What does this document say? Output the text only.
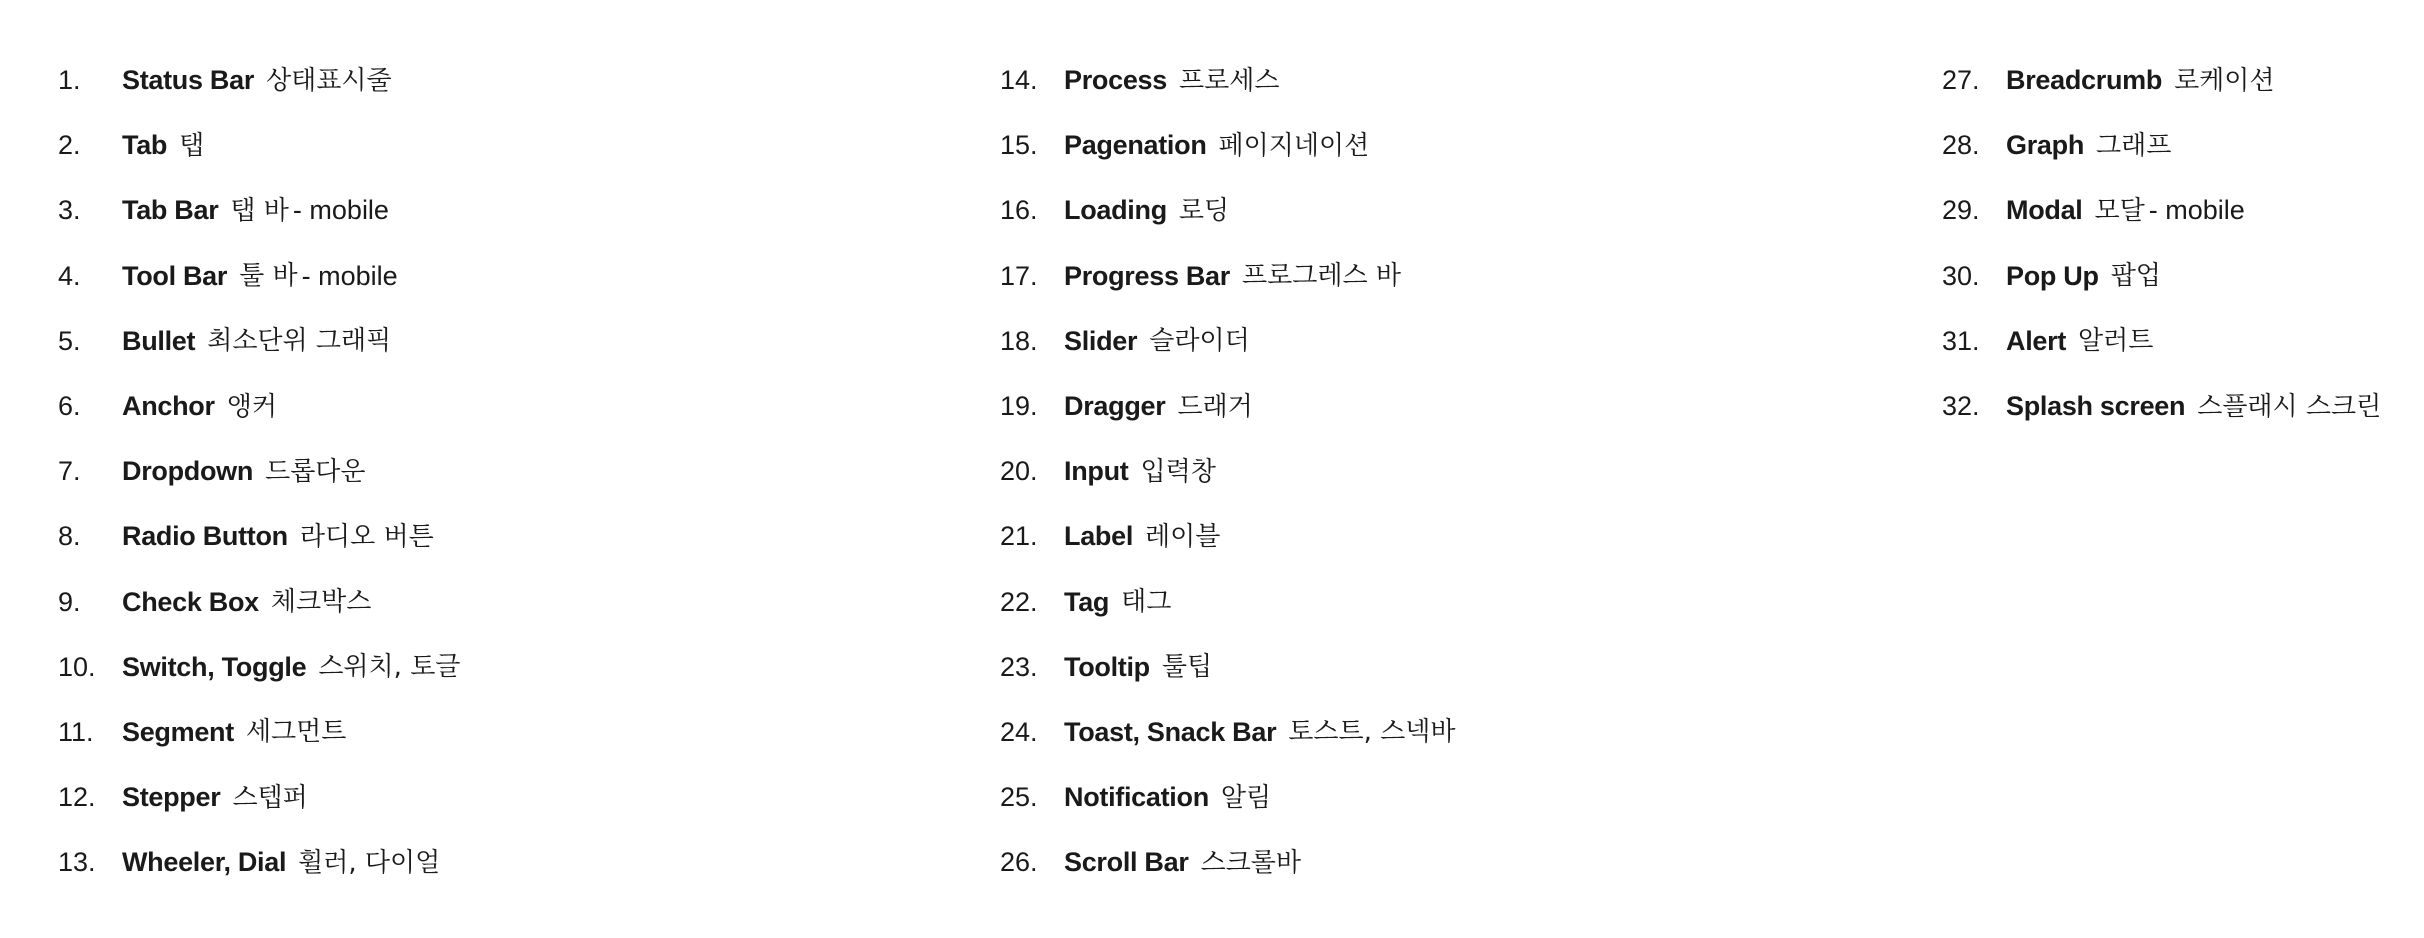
1.	Status Bar 상태표시줄
2.	Tab 탭
3.	Tab Bar 탭 바 - mobile
4.	Tool Bar 툴 바 - mobile
5.	Bullet 최소단위 그래픽
6.	Anchor 앵커
7.	Dropdown 드롭다운
8.	Radio Button 라디오 버튼
9.	Check Box 체크박스
10. Switch, Toggle 스위치, 토글
11.	Segment 세그먼트
12. Stepper 스텝퍼
13. Wheeler, Dial 휠러, 다이얼
14. Process 프로세스
15. Pagenation 페이지네이션
16. Loading 로딩
17. Progress Bar 프로그레스 바
18. Slider 슬라이더
19. Dragger 드래거
20. Input 입력창
21. Label 레이블
22. Tag 태그
23. Tooltip 툴팁
24. Toast, Snack Bar 토스트, 스넥바
25. Notification 알림
26. Scroll Bar 스크롤바
27. Breadcrumb 로케이션
28. Graph 그래프
29. Modal 모달 - mobile
30. Pop Up 팝업
31. Alert 알러트
32. Splash screen 스플래시 스크린
